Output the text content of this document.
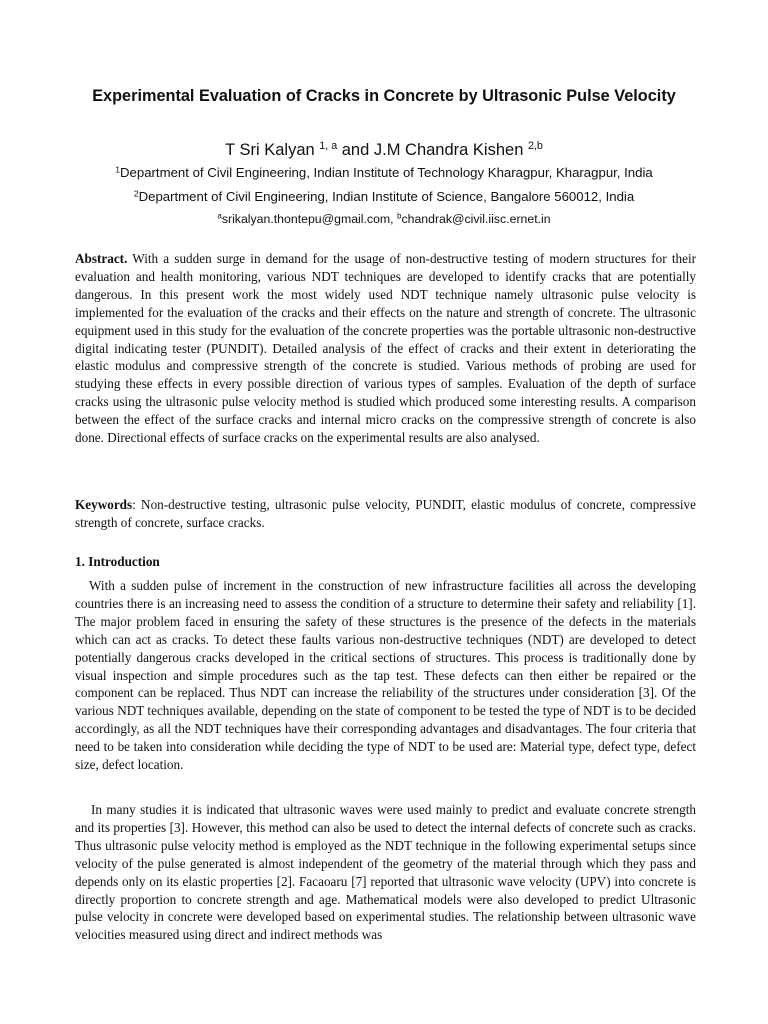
Experimental Evaluation of Cracks in Concrete by Ultrasonic Pulse Velocity
T Sri Kalyan $^{1, a}$ and J.M Chandra Kishen $^{2,b}$
$^1$Department of Civil Engineering, Indian Institute of Technology Kharagpur, Kharagpur, India
$^2$Department of Civil Engineering, Indian Institute of Science, Bangalore 560012, India
$^a$srikalyan.thontepu@gmail.com, $^b$chandrak@civil.iisc.ernet.in

Abstract. With a sudden surge in demand for the usage of non-destructive testing of modern structures for their evaluation and health monitoring, various NDT techniques are developed to identify cracks that are potentially dangerous. In this present work the most widely used NDT technique namely ultrasonic pulse velocity is implemented for the evaluation of the cracks and their effects on the nature and strength of concrete. The ultrasonic equipment used in this study for the evaluation of the concrete properties was the portable ultrasonic non-destructive digital indicating tester (PUNDIT). Detailed analysis of the effect of cracks and their extent in deteriorating the elastic modulus and compressive strength of the concrete is studied. Various methods of probing are used for studying these effects in every possible direction of various types of samples. Evaluation of the depth of surface cracks using the ultrasonic pulse velocity method is studied which produced some interesting results. A comparison between the effect of the surface cracks and internal micro cracks on the compressive strength of concrete is also done. Directional effects of surface cracks on the experimental results are also analysed.

Keywords: Non-destructive testing, ultrasonic pulse velocity, PUNDIT, elastic modulus of concrete, compressive strength of concrete, surface cracks.

1. Introduction

With a sudden pulse of increment in the construction of new infrastructure facilities all across the developing countries there is an increasing need to assess the condition of a structure to determine their safety and reliability [1]. The major problem faced in ensuring the safety of these structures is the presence of the defects in the materials which can act as cracks. To detect these faults various non-destructive techniques (NDT) are developed to detect potentially dangerous cracks developed in the critical sections of structures. This process is traditionally done by visual inspection and simple procedures such as the tap test. These defects can then either be repaired or the component can be replaced. Thus NDT can increase the reliability of the structures under consideration [3]. Of the various NDT techniques available, depending on the state of component to be tested the type of NDT is to be decided accordingly, as all the NDT techniques have their corresponding advantages and disadvantages. The four criteria that need to be taken into consideration while deciding the type of NDT to be used are: Material type, defect type, defect size, defect location.

In many studies it is indicated that ultrasonic waves were used mainly to predict and evaluate concrete strength and its properties [3]. However, this method can also be used to detect the internal defects of concrete such as cracks. Thus ultrasonic pulse velocity method is employed as the NDT technique in the following experimental setups since velocity of the pulse generated is almost independent of the geometry of the material through which they pass and depends only on its elastic properties [2]. Facaoaru [7] reported that ultrasonic wave velocity (UPV) into concrete is directly proportion to concrete strength and age. Mathematical models were also developed to predict Ultrasonic pulse velocity in concrete were developed based on experimental studies. The relationship between ultrasonic wave velocities measured using direct and indirect methods was
